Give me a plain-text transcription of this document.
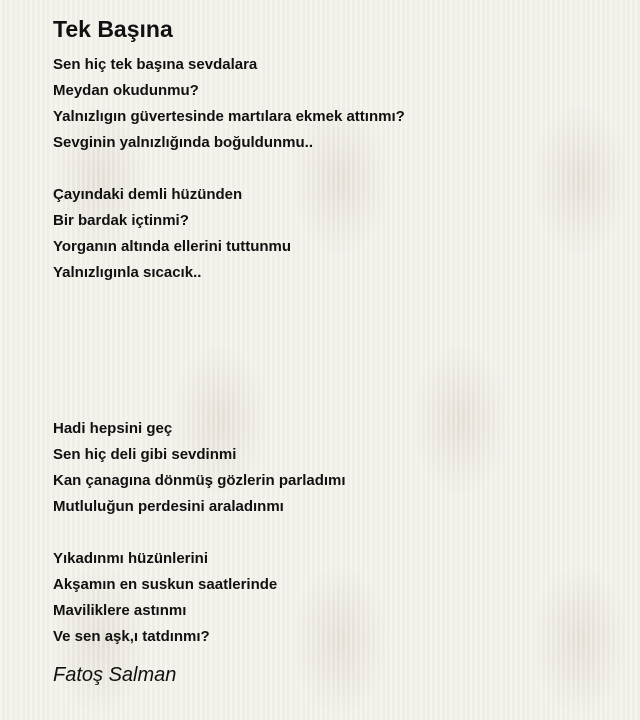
Tek Başına
Sen hiç tek başına sevdalara
Meydan okudunmu?
Yalnızlıgın güvertesinde martılara ekmek attınmı?
Sevginin yalnızlığında boğuldunmu..
Çayındaki demli hüzünden
Bir bardak içtinmi?
Yorganın altında ellerini tuttunmu
Yalnızlıgınla sıcacık..
Hadi hepsini geç
Sen hiç deli gibi sevdinmi
Kan çanagına dönmüş gözlerin parladımı
Mutluluğun perdesini araladınmı
Yıkadınmı hüzünlerini
Akşamın en suskun saatlerinde
Maviliklere astınmı
Ve sen aşk,ı tatdınmı?
Fatoş Salman
